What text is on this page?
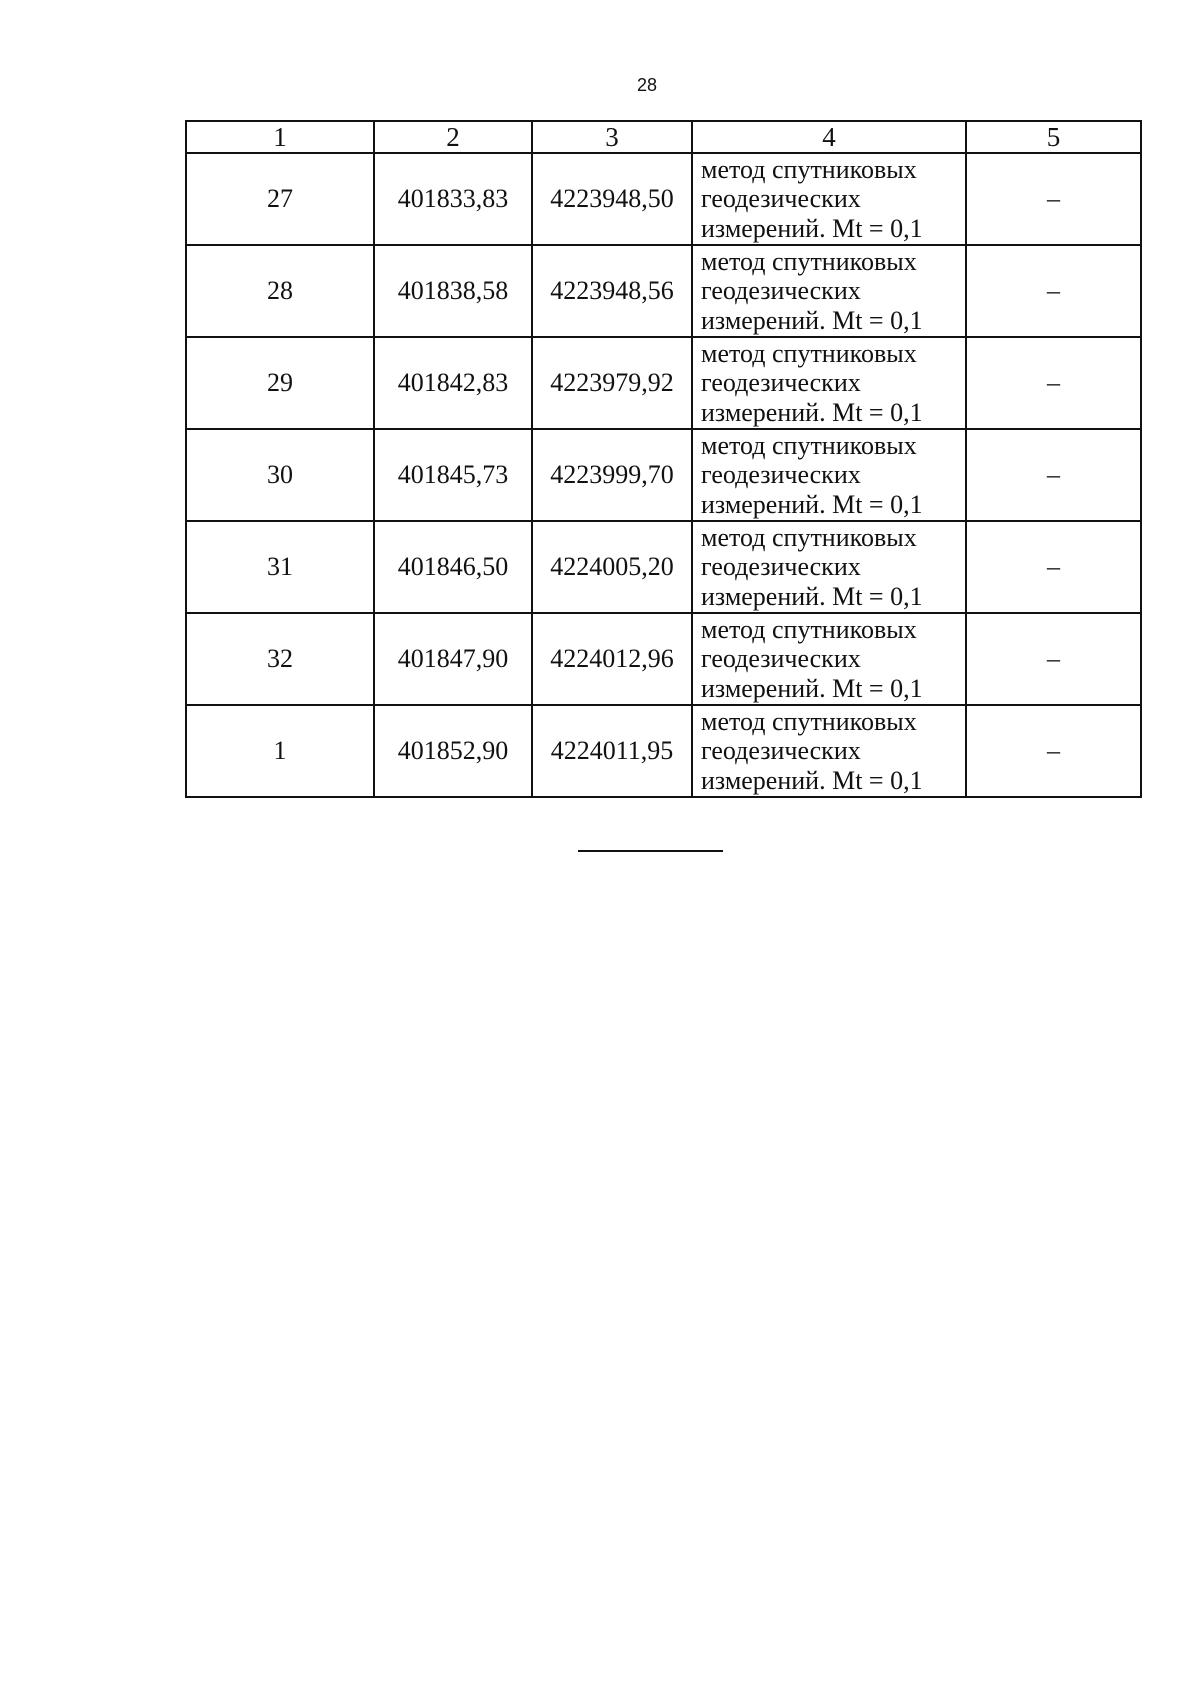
28
1	2	3	4	5
27	401833,83	4223948,50	метод спутниковых геодезических измерений. Mt = 0,1	–
28	401838,58	4223948,56	метод спутниковых геодезических измерений. Mt = 0,1	–
29	401842,83	4223979,92	метод спутниковых геодезических измерений. Mt = 0,1	–
30	401845,73	4223999,70	метод спутниковых геодезических измерений. Mt = 0,1	–
31	401846,50	4224005,20	метод спутниковых геодезических измерений. Mt = 0,1	–
32	401847,90	4224012,96	метод спутниковых геодезических измерений. Mt = 0,1	–
1	401852,90	4224011,95	метод спутниковых геодезических измерений. Mt = 0,1	–
